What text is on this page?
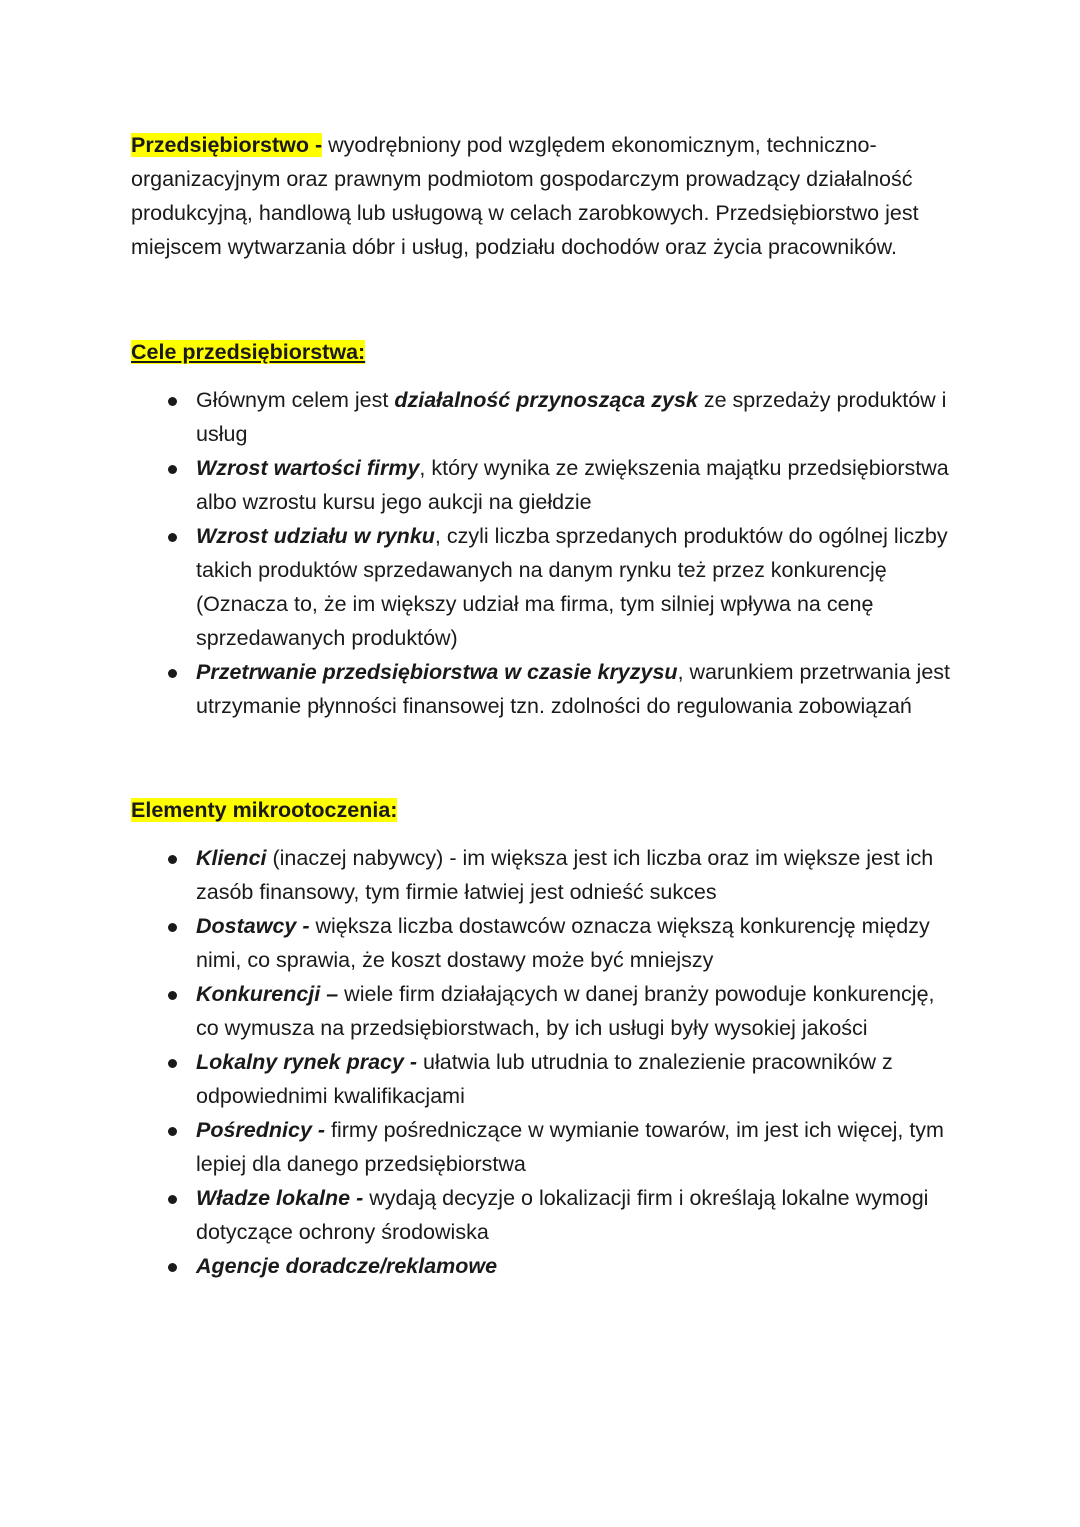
Przedsiębiorstwo - wyodrębniony pod względem ekonomicznym, techniczno-organizacyjnym oraz prawnym podmiotom gospodarczym prowadzący działalność produkcyjną, handlową lub usługową w celach zarobkowych. Przedsiębiorstwo jest miejscem wytwarzania dóbr i usług, podziału dochodów oraz życia pracowników.

Cele przedsiębiorstwa:

Głównym celem jest działalność przynosząca zysk ze sprzedaży produktów i usług
Wzrost wartości firmy, który wynika ze zwiększenia majątku przedsiębiorstwa albo wzrostu kursu jego aukcji na giełdzie
Wzrost udziału w rynku, czyli liczba sprzedanych produktów do ogólnej liczby takich produktów sprzedawanych na danym rynku też przez konkurencję (Oznacza to, że im większy udział ma firma, tym silniej wpływa na cenę sprzedawanych produktów)
Przetrwanie przedsiębiorstwa w czasie kryzysu, warunkiem przetrwania jest utrzymanie płynności finansowej tzn. zdolności do regulowania zobowiązań

Elementy mikrootoczenia:

Klienci (inaczej nabywcy) - im większa jest ich liczba oraz im większe jest ich zasób finansowy, tym firmie łatwiej jest odnieść sukces
Dostawcy - większa liczba dostawców oznacza większą konkurencję między nimi, co sprawia, że koszt dostawy może być mniejszy
Konkurencji – wiele firm działających w danej branży powoduje konkurencję, co wymusza na przedsiębiorstwach, by ich usługi były wysokiej jakości
Lokalny rynek pracy - ułatwia lub utrudnia to znalezienie pracowników z odpowiednimi kwalifikacjami
Pośrednicy - firmy pośredniczące w wymianie towarów, im jest ich więcej, tym lepiej dla danego przedsiębiorstwa
Władze lokalne - wydają decyzje o lokalizacji firm i określają lokalne wymogi dotyczące ochrony środowiska
Agencje doradcze/reklamowe
